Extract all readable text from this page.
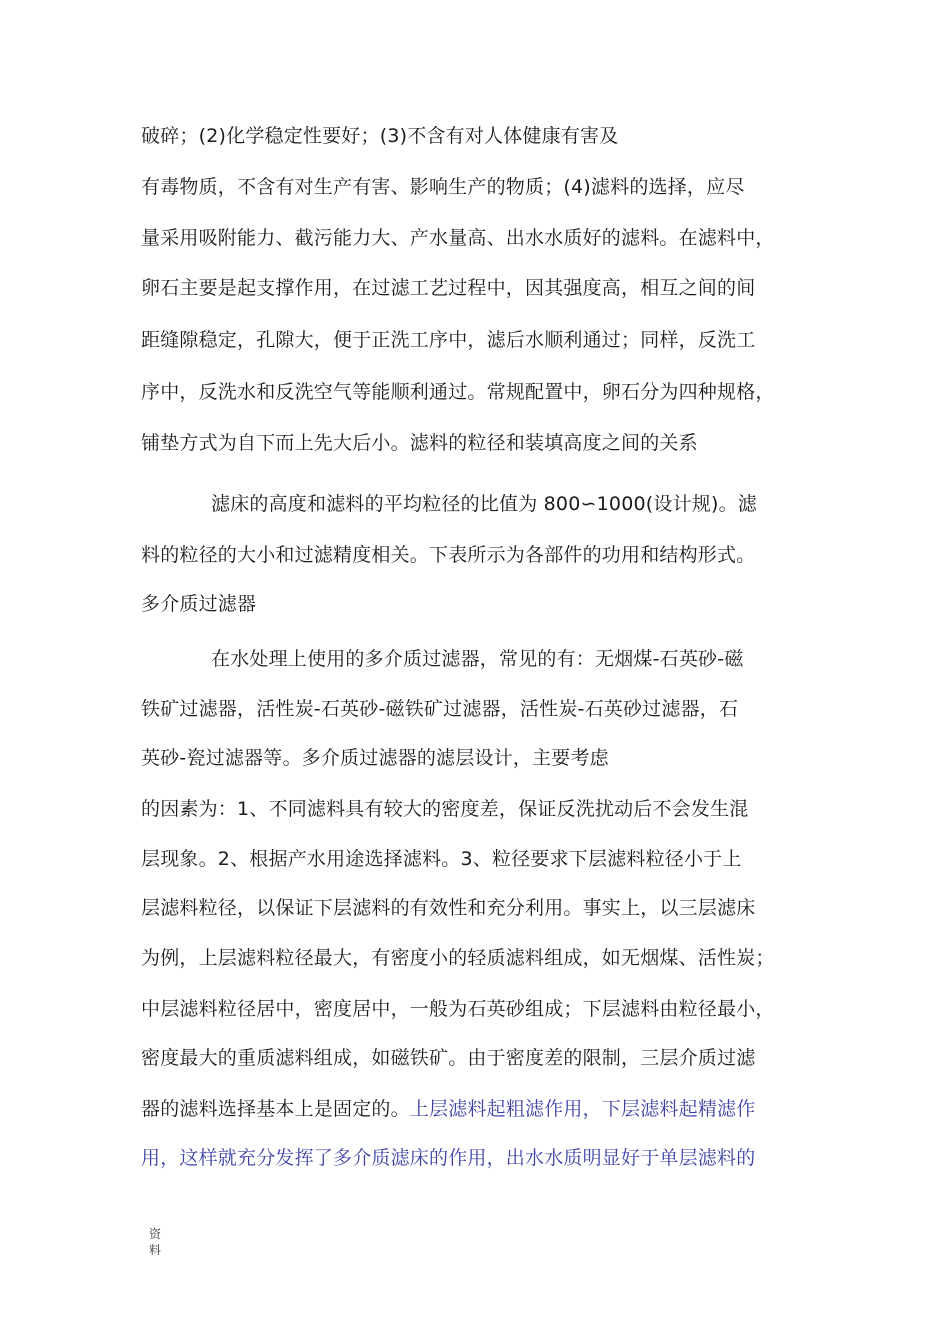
破碎；(2)化学稳定性要好；(3)不含有对人体健康有害及
有毒物质，不含有对生产有害、影响生产的物质；(4)滤料的选择，应尽
量采用吸附能力、截污能力大、产水量高、出水水质好的滤料。在滤料中，
卵石主要是起支撑作用，在过滤工艺过程中，因其强度高，相互之间的间
距缝隙稳定，孔隙大，便于正洗工序中，滤后水顺利通过；同样，反洗工
序中，反洗水和反洗空气等能顺利通过。常规配置中，卵石分为四种规格，
铺垫方式为自下而上先大后小。滤料的粒径和装填高度之间的关系
滤床的高度和滤料的平均粒径的比值为 800∽1000(设计规)。滤
料的粒径的大小和过滤精度相关。下表所示为各部件的功用和结构形式。
多介质过滤器
在水处理上使用的多介质过滤器，常见的有：无烟煤-石英砂-磁
铁矿过滤器，活性炭-石英砂-磁铁矿过滤器，活性炭-石英砂过滤器，石
英砂-瓷过滤器等。多介质过滤器的滤层设计，主要考虑
的因素为：1、不同滤料具有较大的密度差，保证反洗扰动后不会发生混
层现象。2、根据产水用途选择滤料。3、粒径要求下层滤料粒径小于上
层滤料粒径，以保证下层滤料的有效性和充分利用。事实上，以三层滤床
为例，上层滤料粒径最大，有密度小的轻质滤料组成，如无烟煤、活性炭；
中层滤料粒径居中，密度居中，一般为石英砂组成；下层滤料由粒径最小，
密度最大的重质滤料组成，如磁铁矿。由于密度差的限制，三层介质过滤
器的滤料选择基本上是固定的。上层滤料起粗滤作用，下层滤料起精滤作
用，这样就充分发挥了多介质滤床的作用，出水水质明显好于单层滤料的
资
料
